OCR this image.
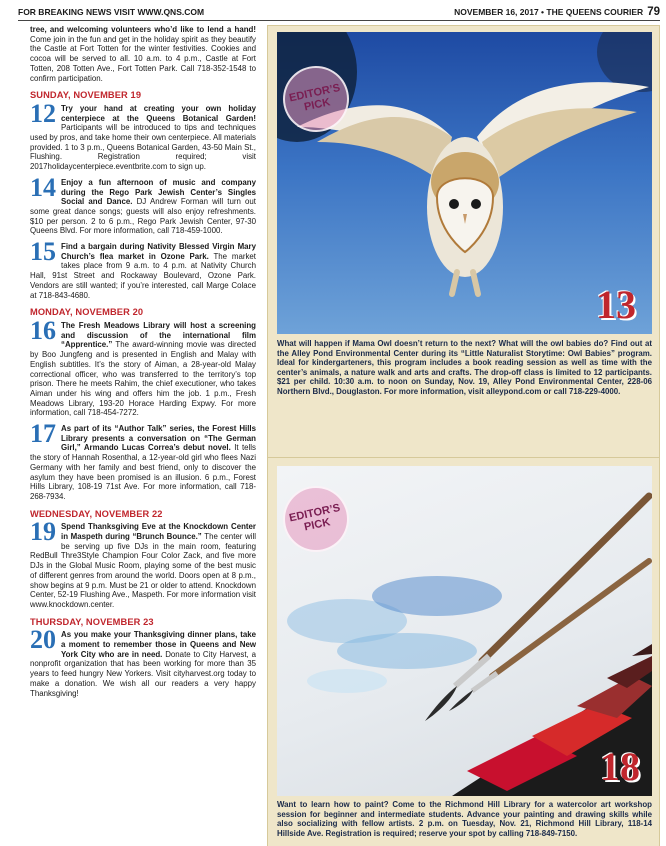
FOR BREAKING NEWS VISIT WWW.QNS.COM	NOVEMBER 16, 2017 • THE QUEENS COURIER 79

tree, and welcoming volunteers who’d like to lend a hand! Come join in the fun and get in the holiday spirit as they beautify the Castle at Fort Totten for the winter festivities. Cookies and cocoa will be served to all. 10 a.m. to 4 p.m., Castle at Fort Totten, 208 Totten Ave., Fort Totten Park. Call 718-352-1548 to confirm participation.

SUNDAY, NOVEMBER 19
12 Try your hand at creating your own holiday centerpiece at the Queens Botanical Garden! Participants will be introduced to tips and techniques used by pros, and take home their own centerpiece. All materials provided. 1 to 3 p.m., Queens Botanical Garden, 43-50 Main St., Flushing. Registration required; visit 2017holidaycenterpiece.eventbrite.com to sign up.

14 Enjoy a fun afternoon of music and company during the Rego Park Jewish Center’s Singles Social and Dance. DJ Andrew Forman will turn out some great dance songs; guests will also enjoy refreshments. $10 per person. 2 to 6 p.m., Rego Park Jewish Center, 97-30 Queens Blvd. For more information, call 718-459-1000.

15 Find a bargain during Nativity Blessed Virgin Mary Church’s flea market in Ozone Park. The market takes place from 9 a.m. to 4 p.m. at Nativity Church Hall, 91st Street and Rockaway Boulevard, Ozone Park. Vendors are still wanted; if you’re interested, call Marge Colace at 718-843-4680.

MONDAY, NOVEMBER 20
16 The Fresh Meadows Library will host a screening and discussion of the international film “Apprentice.” The award-winning movie was directed by Boo Jungfeng and is presented in English and Malay with English subtitles. It’s the story of Aiman, a 28-year-old Malay correctional officer, who was transferred to the territory’s top prison. There he meets Rahim, the chief executioner, who takes Aiman under his wing and offers him the job. 1 p.m., Fresh Meadows Library, 193-20 Horace Harding Expwy. For more information, call 718-454-7272.

17 As part of its “Author Talk” series, the Forest Hills Library presents a conversation on “The German Girl,” Armando Lucas Correa’s debut novel. It tells the story of Hannah Rosenthal, a 12-year-old girl who flees Nazi Germany with her family and best friend, only to discover the asylum they have been promised is an illusion. 6 p.m., Forest Hills Library, 108-19 71st Ave. For more information, call 718-268-7934.

WEDNESDAY, NOVEMBER 22
19 Spend Thanksgiving Eve at the Knockdown Center in Maspeth during “Brunch Bounce.” The center will be serving up five DJs in the main room, featuring RedBull Thre3Style Champion Four Color Zack, and five more DJs in the Global Music Room, playing some of the best music of different genres from around the world. Doors open at 8 p.m., show begins at 9 p.m. Must be 21 or older to attend. Knockdown Center, 52-19 Flushing Ave., Maspeth. For more information visit www.knockdown.center.

THURSDAY, NOVEMBER 23
20 As you make your Thanksgiving dinner plans, take a moment to remember those in Queens and New York City who are in need. Donate to City Harvest, a nonprofit organization that has been working for more than 35 years to feed hungry New Yorkers. Visit cityharvest.org today to make a donation. We wish all our readers a very happy Thanksgiving!

EDITOR’S
PICK
13

What will happen if Mama Owl doesn’t return to the next? What will the owl babies do? Find out at the Alley Pond Environmental Center during its “Little Naturalist Storytime: Owl Babies” program. Ideal for kindergarteners, this program includes a book reading session as well as time with the center’s animals, a nature walk and arts and crafts. The drop-off class is limited to 12 participants. $21 per child. 10:30 a.m. to noon on Sunday, Nov. 19, Alley Pond Environmental Center, 228-06 Northern Blvd., Douglaston. For more information, visit alleypond.com or call 718-229-4000.

EDITOR’S
PICK
18

Want to learn how to paint? Come to the Richmond Hill Library for a watercolor art workshop session for beginner and intermediate students. Advance your painting and drawing skills while also socializing with fellow artists. 2 p.m. on Tuesday, Nov. 21, Richmond Hill Library, 118-14 Hillside Ave. Registration is required; reserve your spot by calling 718-849-7150.
